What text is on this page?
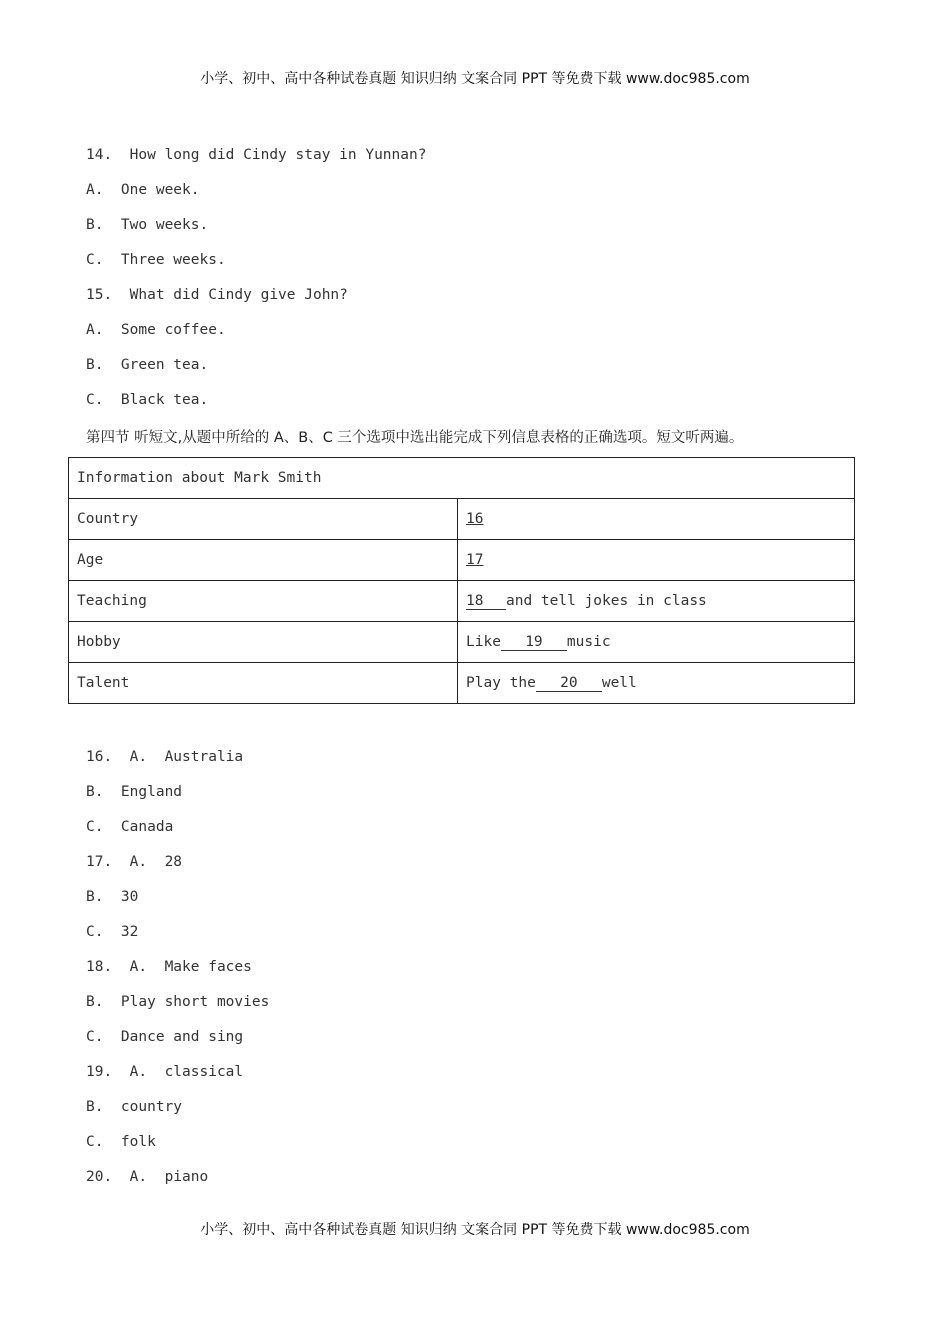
小学、初中、高中各种试卷真题 知识归纳 文案合同 PPT 等免费下载 www.doc985.com
14.  How long did Cindy stay in Yunnan?
A.  One week.
B.  Two weeks.
C.  Three weeks.
15.  What did Cindy give John?
A.  Some coffee.
B.  Green tea.
C.  Black tea.
第四节 听短文,从题中所给的 A、B、C 三个选项中选出能完成下列信息表格的正确选项。短文听两遍。
Information about Mark Smith	
Country	16
Age	17
Teaching	18 and tell jokes in class
Hobby	Like 19 music
Talent	Play the 20 well
16.  A.  Australia
B.  England
C.  Canada
17.  A.  28
B.  30
C.  32
18.  A.  Make faces
B.  Play short movies
C.  Dance and sing
19.  A.  classical
B.  country
C.  folk
20.  A.  piano
小学、初中、高中各种试卷真题 知识归纳 文案合同 PPT 等免费下载 www.doc985.com
